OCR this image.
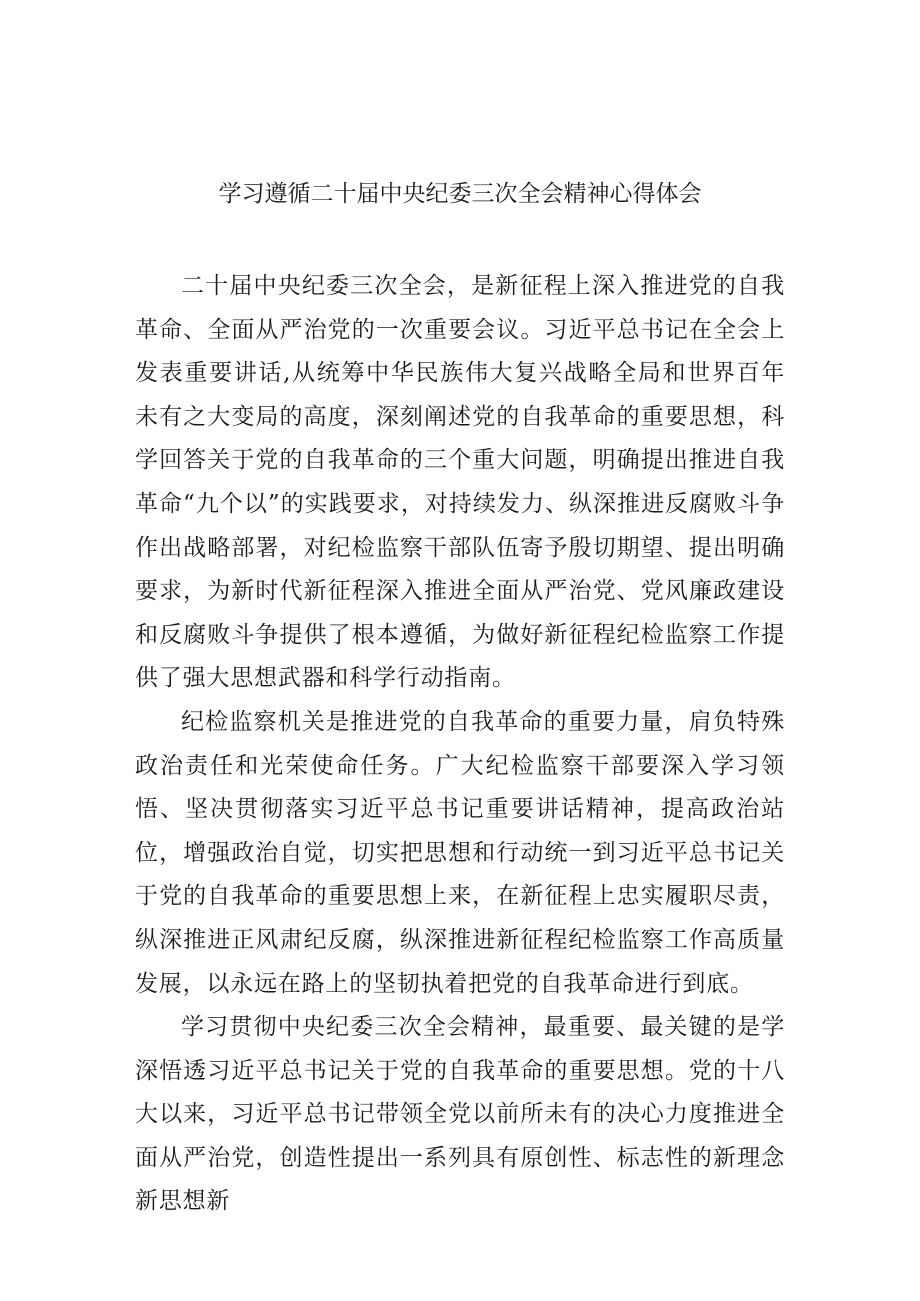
学习遵循二十届中央纪委三次全会精神心得体会

二十届中央纪委三次全会，是新征程上深入推进党的自我革命、全面从严治党的一次重要会议。习近平总书记在全会上发表重要讲话,从统筹中华民族伟大复兴战略全局和世界百年未有之大变局的高度，深刻阐述党的自我革命的重要思想，科学回答关于党的自我革命的三个重大问题，明确提出推进自我革命“九个以”的实践要求，对持续发力、纵深推进反腐败斗争作出战略部署，对纪检监察干部队伍寄予殷切期望、提出明确要求，为新时代新征程深入推进全面从严治党、党风廉政建设和反腐败斗争提供了根本遵循，为做好新征程纪检监察工作提供了强大思想武器和科学行动指南。

纪检监察机关是推进党的自我革命的重要力量，肩负特殊政治责任和光荣使命任务。广大纪检监察干部要深入学习领悟、坚决贯彻落实习近平总书记重要讲话精神，提高政治站位，增强政治自觉，切实把思想和行动统一到习近平总书记关于党的自我革命的重要思想上来，在新征程上忠实履职尽责，纵深推进正风肃纪反腐，纵深推进新征程纪检监察工作高质量发展，以永远在路上的坚韧执着把党的自我革命进行到底。

学习贯彻中央纪委三次全会精神，最重要、最关键的是学深悟透习近平总书记关于党的自我革命的重要思想。党的十八大以来，习近平总书记带领全党以前所未有的决心力度推进全面从严治党，创造性提出一系列具有原创性、标志性的新理念新思想新
